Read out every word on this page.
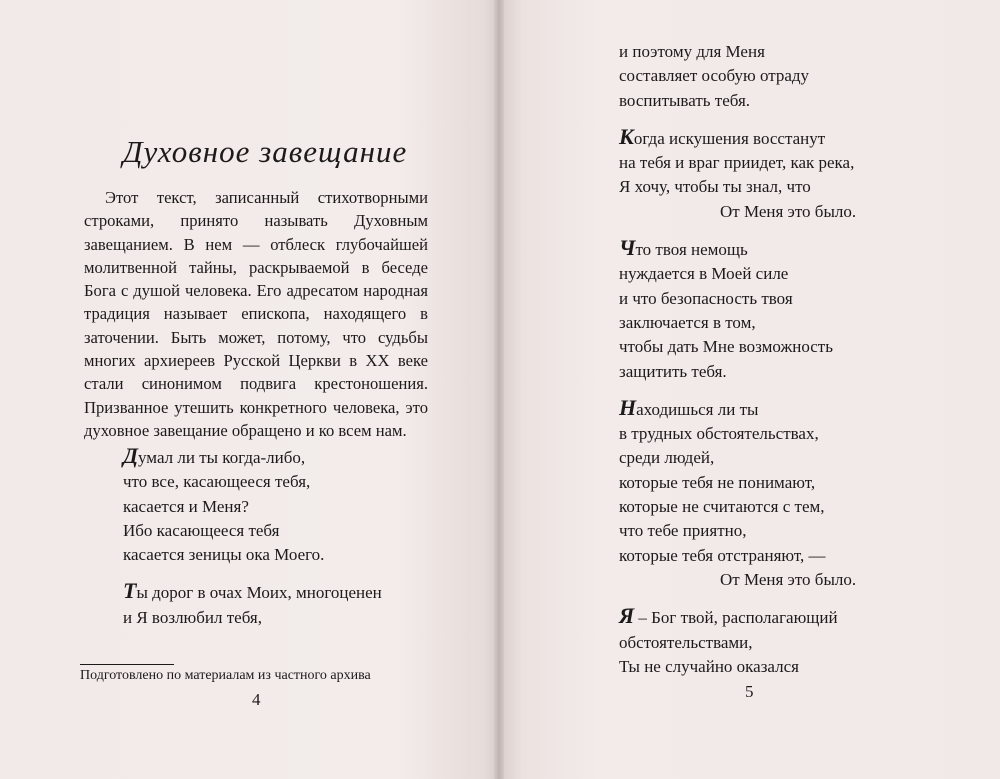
Духовное завещание
Этот текст, записанный стихотворными строками, принято называть Духовным завещанием. В нем — отблеск глубочайшей молитвенной тайны, раскрываемой в беседе Бога с душой человека. Его адресатом народная традиция называет епископа, находящего в заточении. Быть может, потому, что судьбы многих архиереев Русской Церкви в XX веке стали синонимом подвига крестоношения. Призванное утешить конкретного человека, это духовное завещание обращено и ко всем нам.

Думал ли ты когда-либо,

что все, касающееся тебя,

касается и Меня?

Ибо касающееся тебя

касается зеницы ока Моего.

Ты дорог в очах Моих, многоценен

и Я возлюбил тебя,

Подготовлено по материалам из частного архива
4

и поэтому для Меня

составляет особую отраду

воспитывать тебя.

Когда искушения восстанут

на тебя и враг приидет, как река,

Я хочу, чтобы ты знал, что

От Меня это было.

Что твоя немощь

нуждается в Моей силе

и что безопасность твоя

заключается в том,

чтобы дать Мне возможность

защитить тебя.

Находишься ли ты

в трудных обстоятельствах,

среди людей,

которые тебя не понимают,

которые не считаются с тем,

что тебе приятно,

которые тебя отстраняют, —

От Меня это было.

Я – Бог твой, располагающий

обстоятельствами,

Ты не случайно оказался

5
